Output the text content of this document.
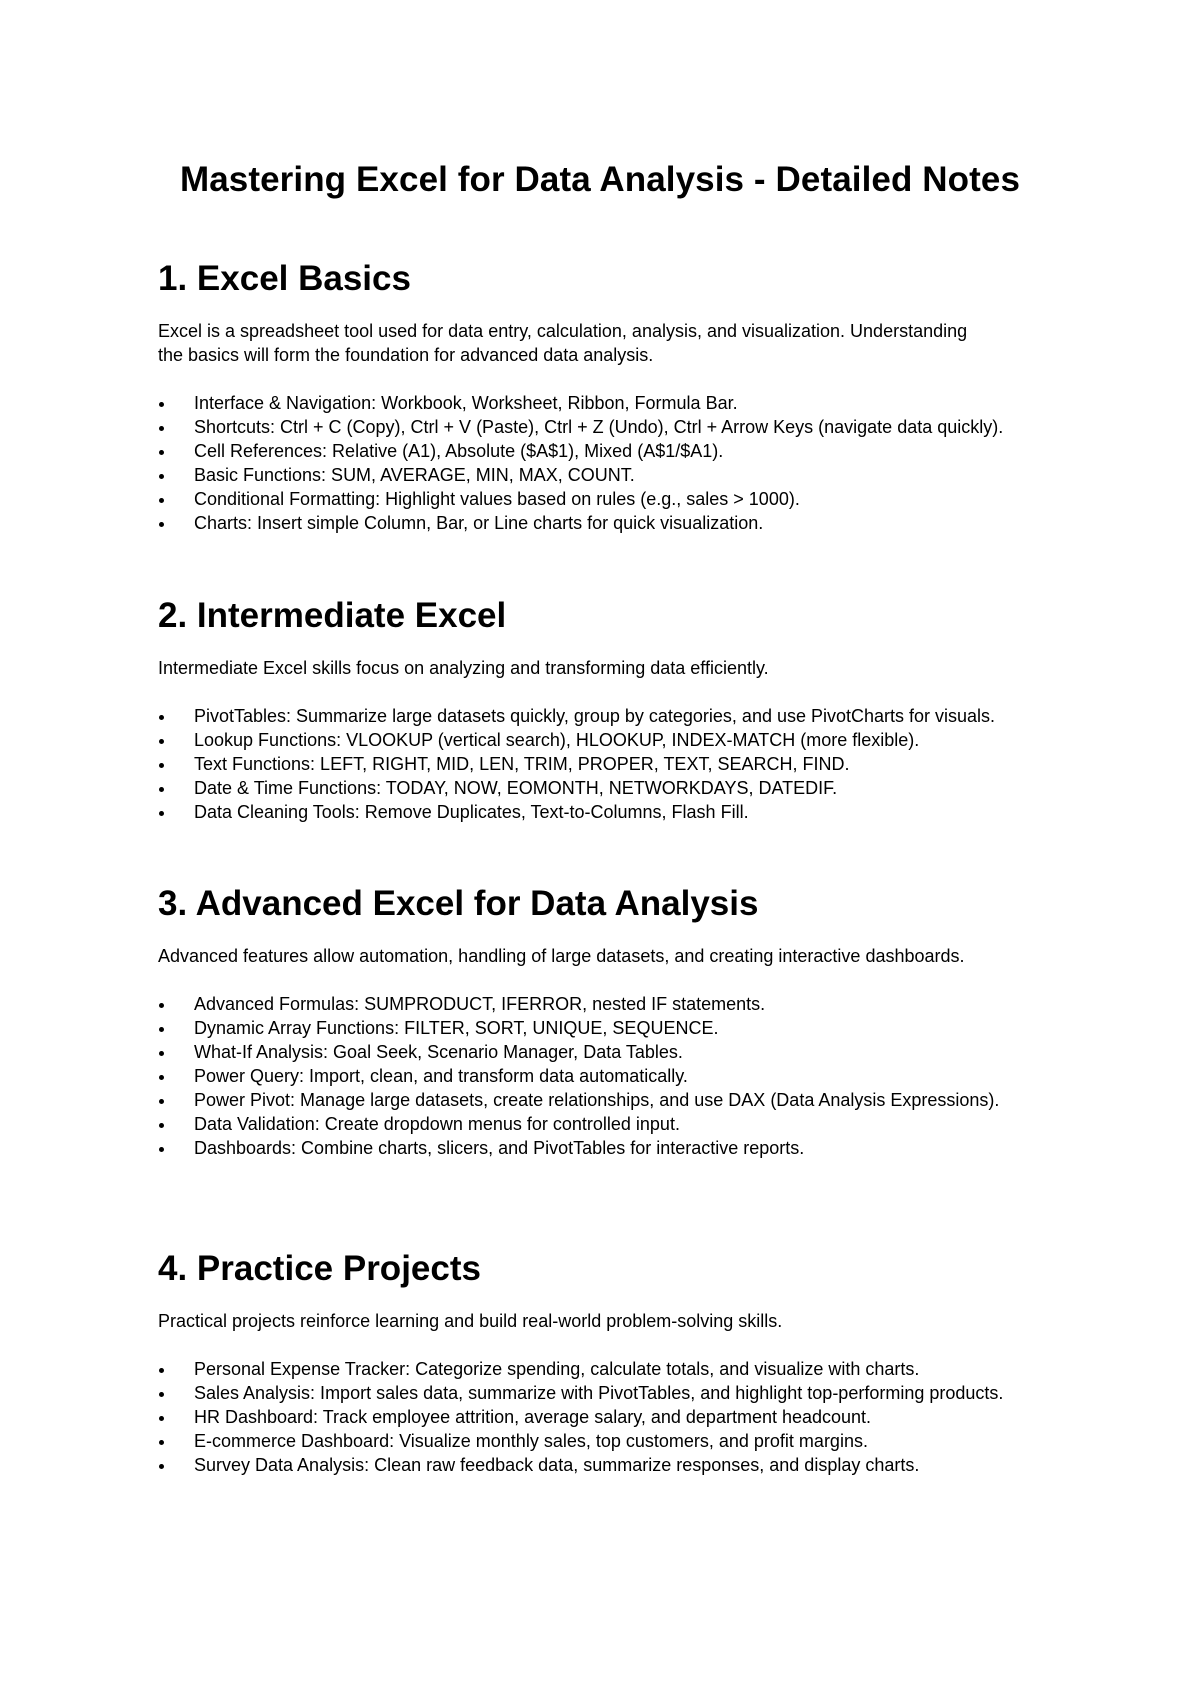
Mastering Excel for Data Analysis - Detailed Notes
1. Excel Basics

Excel is a spreadsheet tool used for data entry, calculation, analysis, and visualization. Understanding the basics will form the foundation for advanced data analysis.

Interface & Navigation: Workbook, Worksheet, Ribbon, Formula Bar.
Shortcuts: Ctrl + C (Copy), Ctrl + V (Paste), Ctrl + Z (Undo), Ctrl + Arrow Keys (navigate data quickly).
Cell References: Relative (A1), Absolute ($A$1), Mixed (A$1/$A1).
Basic Functions: SUM, AVERAGE, MIN, MAX, COUNT.
Conditional Formatting: Highlight values based on rules (e.g., sales > 1000).
Charts: Insert simple Column, Bar, or Line charts for quick visualization.
2. Intermediate Excel

Intermediate Excel skills focus on analyzing and transforming data efficiently.

PivotTables: Summarize large datasets quickly, group by categories, and use PivotCharts for visuals.
Lookup Functions: VLOOKUP (vertical search), HLOOKUP, INDEX-MATCH (more flexible).
Text Functions: LEFT, RIGHT, MID, LEN, TRIM, PROPER, TEXT, SEARCH, FIND.
Date & Time Functions: TODAY, NOW, EOMONTH, NETWORKDAYS, DATEDIF.
Data Cleaning Tools: Remove Duplicates, Text-to-Columns, Flash Fill.
3. Advanced Excel for Data Analysis

Advanced features allow automation, handling of large datasets, and creating interactive dashboards.

Advanced Formulas: SUMPRODUCT, IFERROR, nested IF statements.
Dynamic Array Functions: FILTER, SORT, UNIQUE, SEQUENCE.
What-If Analysis: Goal Seek, Scenario Manager, Data Tables.
Power Query: Import, clean, and transform data automatically.
Power Pivot: Manage large datasets, create relationships, and use DAX (Data Analysis Expressions).
Data Validation: Create dropdown menus for controlled input.
Dashboards: Combine charts, slicers, and PivotTables for interactive reports.
4. Practice Projects

Practical projects reinforce learning and build real-world problem-solving skills.

Personal Expense Tracker: Categorize spending, calculate totals, and visualize with charts.
Sales Analysis: Import sales data, summarize with PivotTables, and highlight top-performing products.
HR Dashboard: Track employee attrition, average salary, and department headcount.
E-commerce Dashboard: Visualize monthly sales, top customers, and profit margins.
Survey Data Analysis: Clean raw feedback data, summarize responses, and display charts.
